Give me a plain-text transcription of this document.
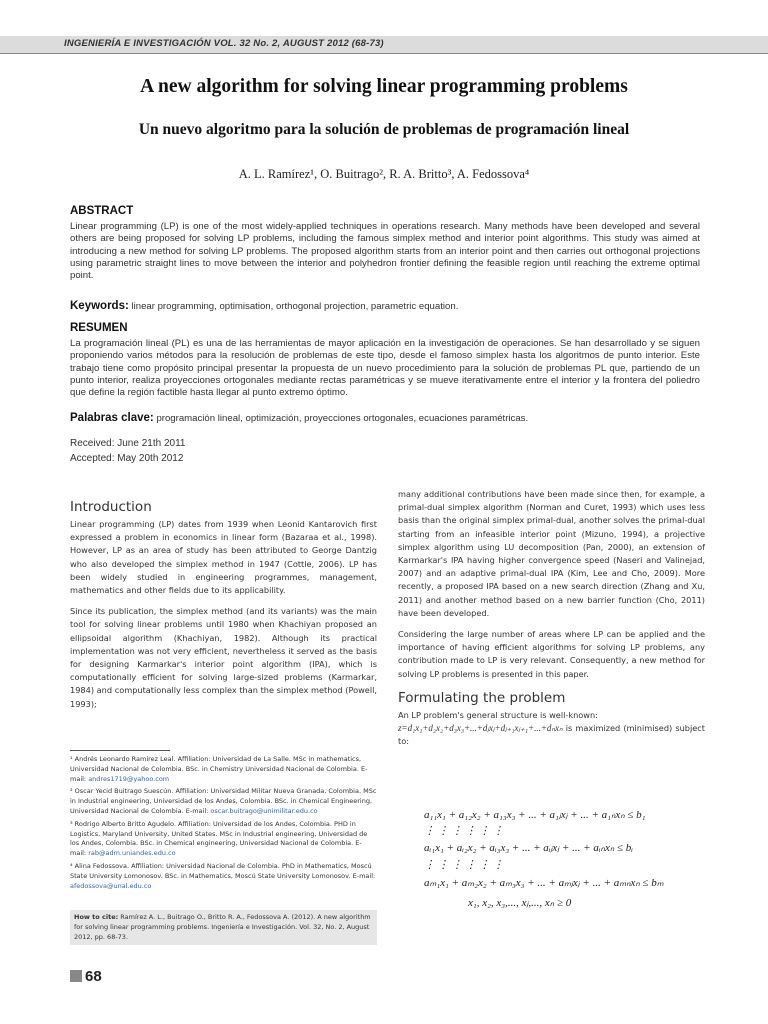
INGENIERÍA E INVESTIGACIÓN VOL. 32 No. 2, AUGUST 2012 (68-73)
A new algorithm for solving linear programming problems
Un nuevo algoritmo para la solución de problemas de programación lineal
A. L. Ramírez¹, O. Buitrago², R. A. Britto³, A. Fedossova⁴
ABSTRACT
Linear programming (LP) is one of the most widely-applied techniques in operations research. Many methods have been developed and several others are being proposed for solving LP problems, including the famous simplex method and interior point algorithms. This study was aimed at introducing a new method for solving LP problems. The proposed algorithm starts from an interior point and then carries out orthogonal projections using parametric straight lines to move between the interior and polyhedron frontier defining the feasible region until reaching the extreme optimal point.
Keywords: linear programming, optimisation, orthogonal projection, parametric equation.
RESUMEN
La programación lineal (PL) es una de las herramientas de mayor aplicación en la investigación de operaciones. Se han desarrollado y se siguen proponiendo varios métodos para la resolución de problemas de este tipo, desde el famoso simplex hasta los algoritmos de punto interior. Este trabajo tiene como propósito principal presentar la propuesta de un nuevo procedimiento para la solución de problemas PL que, partiendo de un punto interior, realiza proyecciones ortogonales mediante rectas paramétricas y se mueve iterativamente entre el interior y la frontera del poliedro que define la región factible hasta llegar al punto extremo óptimo.
Palabras clave: programación lineal, optimización, proyecciones ortogonales, ecuaciones paramétricas.
Received: June 21th 2011
Accepted: May 20th 2012
Introduction

Linear programming (LP) dates from 1939 when Leonid Kantarovich first expressed a problem in economics in linear form (Bazaraa et al., 1998). However, LP as an area of study has been attributed to George Dantzig who also developed the simplex method in 1947 (Cottle, 2006). LP has been widely studied in engineering programmes, management, mathematics and other fields due to its applicability.

Since its publication, the simplex method (and its variants) was the main tool for solving linear problems until 1980 when Khachiyan proposed an ellipsoidal algorithm (Khachiyan, 1982). Although its practical implementation was not very efficient, nevertheless it served as the basis for designing Karmarkar's interior point algorithm (IPA), which is computationally efficient for solving large-sized problems (Karmarkar, 1984) and computationally less complex than the simplex method (Powell, 1993);

many additional contributions have been made since then, for example, a primal-dual simplex algorithm (Norman and Curet, 1993) which uses less basis than the original simplex primal-dual, another solves the primal-dual starting from an infeasible interior point (Mizuno, 1994), a projective simplex algorithm using LU decomposition (Pan, 2000), an extension of Karmarkar's IPA having higher convergence speed (Naseri and Valinejad, 2007) and an adaptive primal-dual IPA (Kim, Lee and Cho, 2009). More recently, a proposed IPA based on a new search direction (Zhang and Xu, 2011) and another method based on a new barrier function (Cho, 2011) have been developed.

Considering the large number of areas where LP can be applied and the importance of having efficient algorithms for solving LP problems, any contribution made to LP is very relevant. Consequently, a new method for solving LP problems is presented in this paper.

Formulating the problem

An LP problem's general structure is well-known:

z=d₁x₁+d₂x₂+d₃x₃+...+dⱼxⱼ+dⱼ₊₁xⱼ₊₁+...+dₙxₙ is maximized (minimised) subject to:

a₁₁x₁ + a₁₂x₂ + a₁₃x₃ + ... + a₁ⱼxⱼ + ... + a₁ₙxₙ ≤ b₁
⋮ ⋮ ⋮ ⋮ ⋮ ⋮
aᵢ₁x₁ + aᵢ₂x₂ + aᵢ₃x₃ + ... + aᵢⱼxⱼ + ... + aᵢₙxₙ ≤ bᵢ
⋮ ⋮ ⋮ ⋮ ⋮ ⋮
aₘ₁x₁ + aₘ₂x₂ + aₘ₃x₃ + ... + aₘⱼxⱼ + ... + aₘₙxₙ ≤ bₘ
x₁, x₂, x₃,..., xⱼ,..., xₙ ≥ 0

¹ Andrés Leonardo Ramírez Leal. Affiliation: Universidad de La Salle. MSc in mathematics, Universidad Nacional de Colombia. BSc. in Chemistry Universidad Nacional de Colombia. E-mail: andres1719@yahoo.com

² Oscar Yecid Buitrago Suescún. Affiliation: Universidad Militar Nueva Granada, Colombia. MSc in Industrial engineering, Universidad de los Andes, Colombia. BSc. in Chemical Engineering, Universidad Nacional de Colombia. E-mail: oscar.buitrago@unimilitar.edu.co

³ Rodrigo Alberto Britto Agudelo. Affiliation: Universidad de los Andes, Colombia. PHD in Logistics, Maryland University, United States. MSc in Industrial engineering, Universidad de los Andes, Colombia. BSc. in Chemical engineering, Universidad Nacional de Colombia. E-mail: rab@adm.uniandes.edu.co

⁴ Alina Fedossova. Affiliation: Universidad Nacional de Colombia. PhD in Mathematics, Moscú State University Lomonosov. BSc. in Mathematics, Moscú State University Lomonosov. E-mail: afedossova@unal.edu.co

How to cite: Ramírez A. L., Buitrago O., Britto R. A., Fedossova A. (2012). A new algorithm for solving linear programming problems. Ingeniería e Investigación. Vol. 32, No. 2, August 2012, pp. 68-73.
68
